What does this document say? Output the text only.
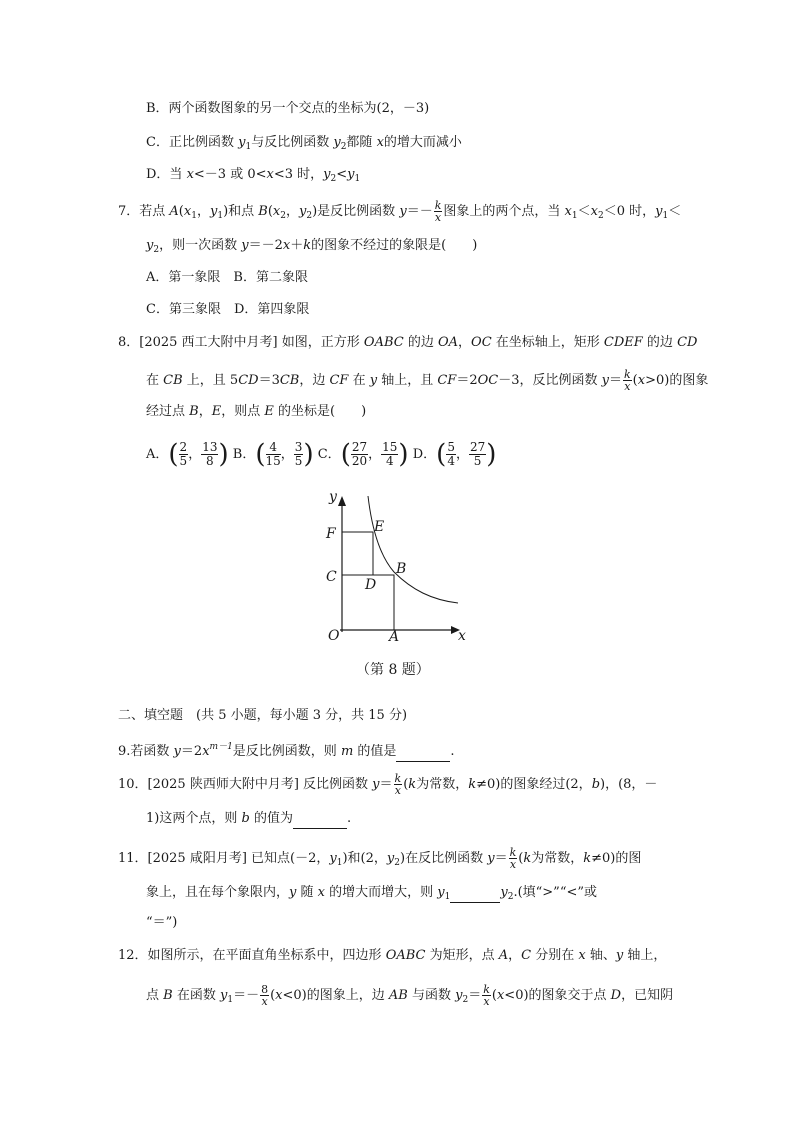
B．两个函数图象的另一个交点的坐标为(2，－3)
C．正比例函数 $y_1$与反比例函数 $y_2$都随 x的增大而减小
D．当 x<－3 或 0<x<3 时，$y_2<y_1$
7．若点 $A(x_1$，$y_1$)和点 $B(x_2$，$y_2$)是反比例函数 $y=- \frac{k}{x}$ 图象上的两个点，当 $x_1<x_2<0$ 时，$y_1<$
$y_2$，则一次函数 y＝－2x＋k的图象不经过的象限是(　　)
A．第一象限　B．第二象限
C．第三象限　D．第四象限
8．[2025 西工大附中月考] 如图，正方形 OABC 的边 OA，OC 在坐标轴上，矩形 CDEF 的边 CD
在 CB 上，且 5CD＝3CB，边 CF 在 y 轴上，且 CF＝2OC－3，反比例函数 $y= \frac{k}{x} (x>0)$的图象
经过点 B，E，则点 E 的坐标是(　　)
A．( $\frac{2}{5}$ ， $\frac{13}{8}$ ) B．( $\frac{4}{15}$ ， $\frac{3}{5}$ ) C．( $\frac{27}{20}$ ， $\frac{15}{4}$ ) D．( $\frac{5}{4}$ ， $\frac{27}{5}$ )
y
x
O	A
C
F	E
D
B
（第 8 题）
二、填空题　(共 5 小题，每小题 3 分，共 15 分)
9.若函数 $y=2x^{m-1}$是反比例函数，则 m 的值是	.
10．[2025 陕西师大附中月考] 反比例函数 $y= \frac{k}{x} (k$为常数，k≠0)的图象经过(2，b)，(8，－
1)这两个点，则 b 的值为	.
11．[2025 咸阳月考] 已知点(－2，$y_1$)和(2，$y_2$)在反比例函数 $y= \frac{k}{x} (k$为常数，k≠0)的图
象上，且在每个象限内，y 随 x 的增大而增大，则 $y_1$	$y_2$.(填“>”“<”或
“＝”)
12．如图所示，在平面直角坐标系中，四边形 OABC 为矩形，点 A，C 分别在 x 轴、y 轴上，
点 B 在函数 $y_1=- \frac{8}{x} (x<0)$的图象上，边 AB 与函数 $y_2= \frac{k}{x} (x<0)$的图象交于点 D，已知阴
